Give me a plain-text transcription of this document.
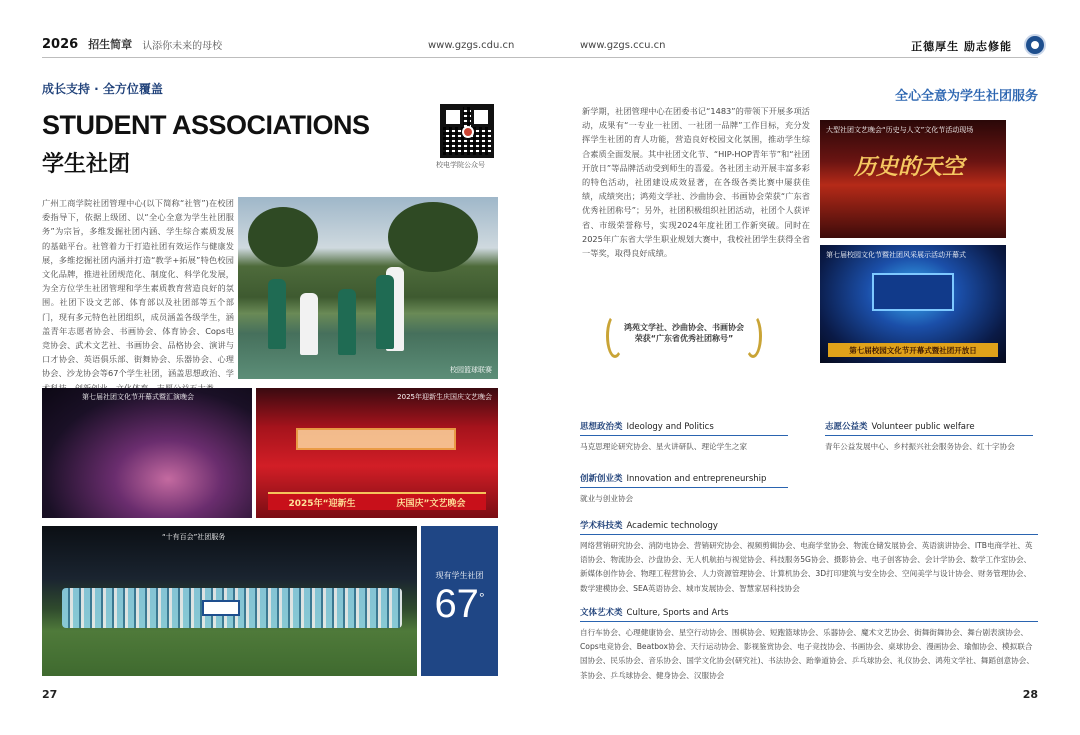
2026 招生简章 认添你未来的母校	www.gzgs.cdu.cn
成长支持 · 全方位覆盖
STUDENT ASSOCIATIONS
学生社团	校电学院公众号

广州工商学院社团管理中心(以下简称“社管”)在校团委指导下，依据上级团、以“全心全意为学生社团服务”为宗旨，多维发掘社团内涵、学生综合素质发展的基础平台。社管着力于打造社团有效运作与健康发展，多维挖掘社团内涵并打造“教学+拓展”特色校园文化品牌，推进社团规范化、制度化、科学化发展，为全方位学生社团管理和学生素质教育营造良好的氛围。社团下设文艺部、体育部以及社团部等五个部门，现有多元特色社团组织，成员涵盖各级学生，涵盖青年志愿者协会、书画协会、体育协会、Cops电竞协会、武术文艺社、书画协会、品格协会、演讲与口才协会、英语俱乐部、街舞协会、乐器协会、心理协会、沙龙协会等67个学生社团，涵盖思想政治、学	校园篮球联赛
第七届社团文化节开幕式暨汇演晚会	2025年迎新生庆国庆文艺晚会
2025年“迎新生	庆国庆”文艺晚会
“十有百会”社团服务
现有学生社团
67°
27
www.gzgs.ccu.cn	正德厚生 励志修能
全心全意为学生社团服务

新学期，社团管理中心在团委书记“1483”的带领下开展多项活动，成果有“一专业一社团、一社团一品牌”工作目标，充分发挥学生社团的育人功能，营造良好校园文化氛围，推动学生综合素质全面发展。其中社团文化节、“HIP-HOP青年节”和“社团开放日”等品牌活动受到师生的喜爱。各社团主动开展丰富多彩的特色活动，社团建设成效显著，在各级各类比赛中屡获佳绩，成绩突出；鸿苑文学社、沙曲协会、书画协会荣获“广东省优秀社团称号”；另外，社团积极组织社团活动，社团个人获评省、市级荣誉称号，实现2024年度社团工作新突破。同时在2025年广东省大学生职业规划大赛中，我校社团学生获得全省一等奖，取得良好成绩。

鸿苑文学社、沙曲协会、书画协会荣获“广东省优秀社团称号”
大型社团文艺晚会“历史与人文”文化节活动现场
历史的天空
第七届校园文化节暨社团风采展示活动开幕式
第七届校园文化节开幕式暨社团开放日
思想政治类 Ideology and Politics
马克思理论研究协会、星火讲研队、理论学生之家
志愿公益类 Volunteer public welfare
青年公益发展中心、乡村振兴社会服务协会、红十字协会
创新创业类 Innovation and entrepreneurship
就业与创业协会
学术科技类 Academic technology
网络营销研究协会、消防电协会、营销研究协会、视频剪辑协会、电商学堂协会、物流仓储发展协会、英语演讲协会、ITB电商学社、英语协会、物流协会、沙盘协会、无人机航拍与视觉协会、科技服务5G协会、摄影协会、电子创客协会、会计学协会、数学工作室协会、新媒体创作协会、物理工程营协会、人力资源管理协会、计算机协会、3D打印建筑与安全协会、空间美学与设计协会、财务管理协会、数学建模协会、SEA英语协会、城市发展协会、智慧家居科技协会
文体艺术类 Culture, Sports and Arts
自行车协会、心理健康协会、星空行动协会、围棋协会、短跑篮球协会、乐器协会、魔术文艺协会、街舞街舞协会、舞台剧表演协会、Cops电竞协会、Beatbox协会、天行运动协会、影视鉴赏协会、电子竞技协会、书画协会、桌球协会、漫画协会、瑜伽协会、模拟联合国协会、民乐协会、音乐协会、国学文化协会(研究社)、书法协会、跆拳道协会、乒乓球协会、礼仪协会、鸿苑文学社、舞蹈创意协会、茶协会、乒乓球协会、健身协会、汉服协会
28
